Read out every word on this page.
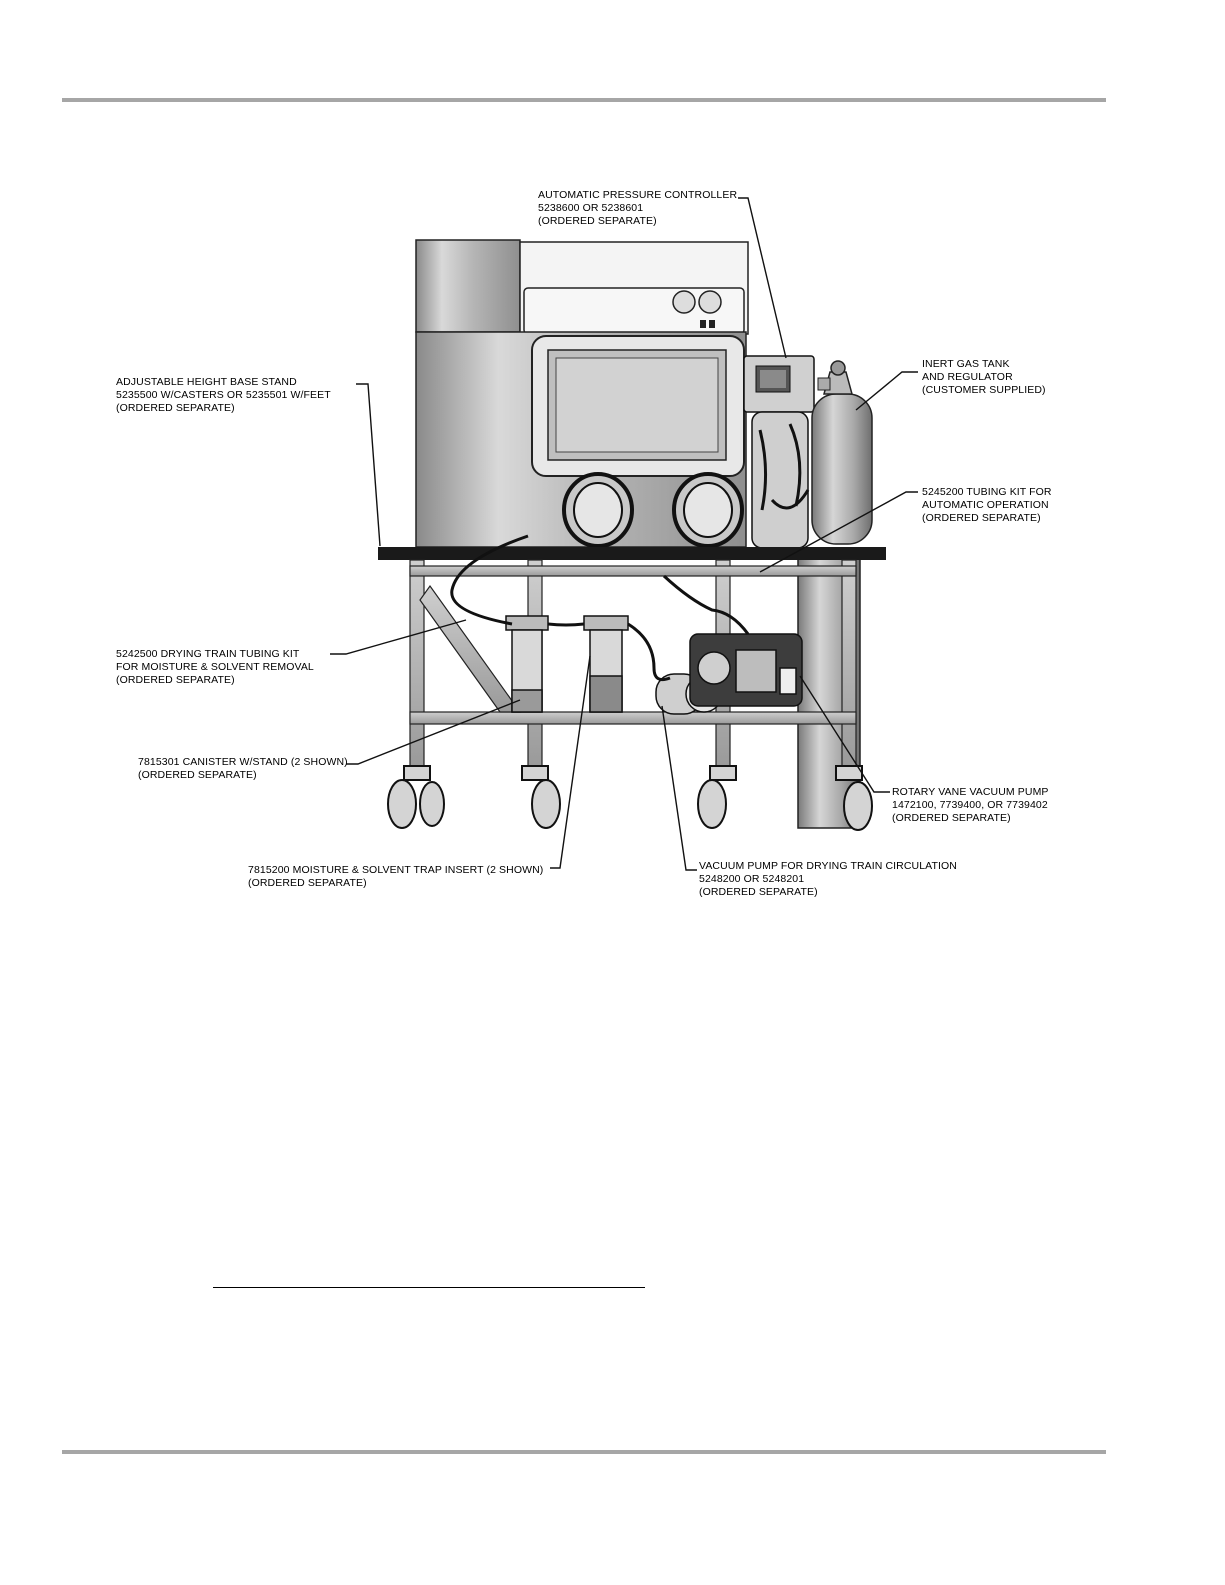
AUTOMATIC PRESSURE CONTROLLER
5238600 OR 5238601
(ORDERED SEPARATE)
ADJUSTABLE HEIGHT BASE STAND
5235500 W/CASTERS OR 5235501 W/FEET
(ORDERED SEPARATE)
INERT GAS TANK
AND REGULATOR
(CUSTOMER SUPPLIED)
5245200 TUBING KIT FOR
AUTOMATIC OPERATION
(ORDERED SEPARATE)
5242500 DRYING TRAIN TUBING KIT
FOR MOISTURE & SOLVENT REMOVAL
(ORDERED SEPARATE)
7815301 CANISTER W/STAND (2 SHOWN)
(ORDERED SEPARATE)
ROTARY VANE VACUUM PUMP
1472100, 7739400, OR 7739402
(ORDERED SEPARATE)
7815200 MOISTURE & SOLVENT TRAP INSERT (2 SHOWN)
(ORDERED SEPARATE)
VACUUM PUMP FOR DRYING TRAIN CIRCULATION
5248200 OR 5248201
(ORDERED SEPARATE)
